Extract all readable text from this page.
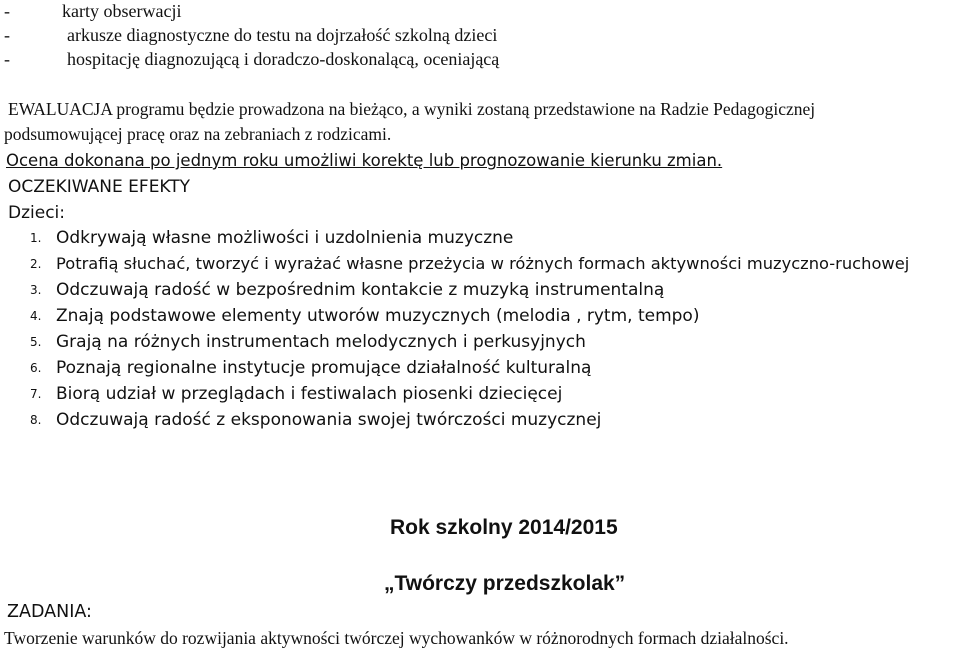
-	karty obserwacji
-	arkusze diagnostyczne do testu na dojrzałość szkolną dzieci
-	hospitację diagnozującą i doradczo-doskonalącą, oceniającą
EWALUACJA programu będzie prowadzona na bieżąco, a wyniki zostaną przedstawione na Radzie Pedagogicznej
podsumowującej pracę oraz na zebraniach z rodzicami.
Ocena dokonana po jednym roku umożliwi korektę lub prognozowanie kierunku zmian.
OCZEKIWANE EFEKTY
Dzieci:
1. Odkrywają własne możliwości i uzdolnienia muzyczne
2. Potrafią słuchać, tworzyć i wyrażać własne przeżycia w różnych formach aktywności muzyczno-ruchowej
3. Odczuwają radość w bezpośrednim kontakcie z muzyką instrumentalną
4. Znają podstawowe elementy utworów muzycznych (melodia , rytm, tempo)
5. Grają na różnych instrumentach melodycznych i perkusyjnych
6. Poznają regionalne instytucje promujące działalność kulturalną
7. Biorą udział w przeglądach i festiwalach piosenki dziecięcej
8. Odczuwają radość z eksponowania swojej twórczości muzycznej
Rok szkolny 2014/2015
„Twórczy przedszkolak”
ZADANIA:
Tworzenie warunków do rozwijania aktywności twórczej wychowanków w różnorodnych formach działalności.
